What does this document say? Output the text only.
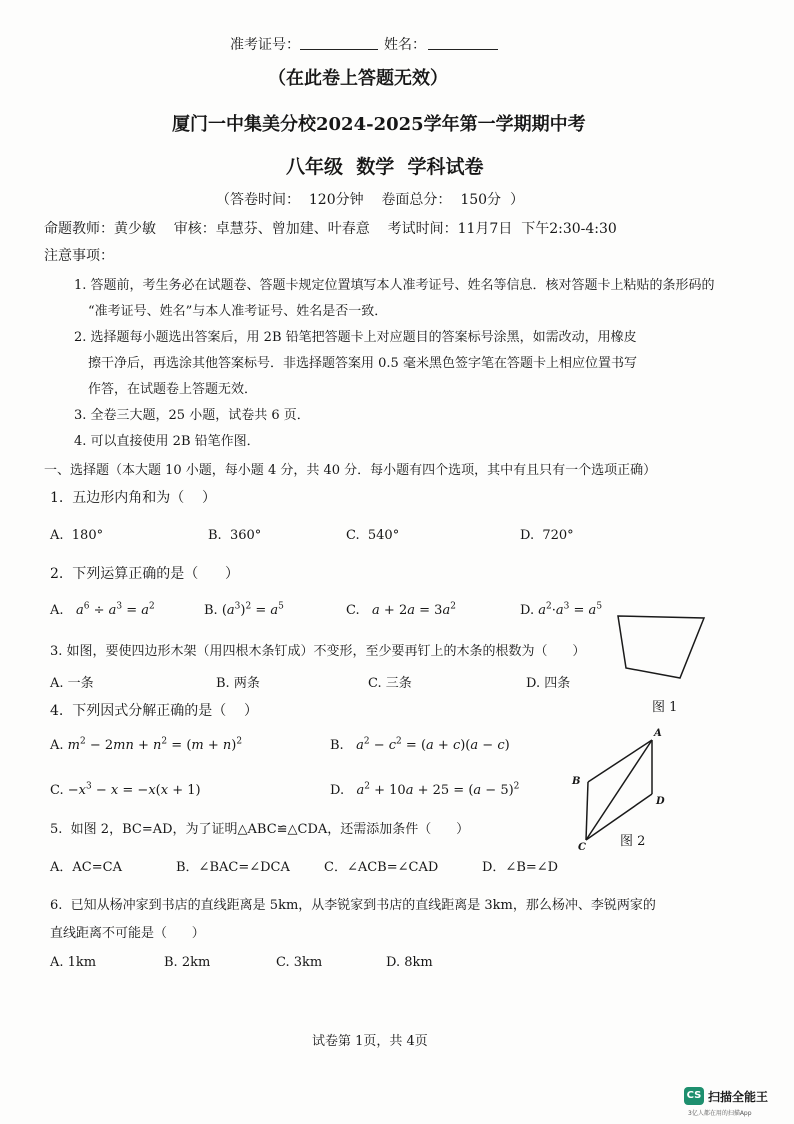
准考证号：	姓名：
（在此卷上答题无效）
厦门一中集美分校2024-2025学年第一学期期中考
八年级  数学  学科试卷
（答卷时间：  120分钟    卷面总分：  150分  ）
命题教师：黄少敏    审核：卓慧芬、曾加建、叶春意    考试时间：11月7日  下午2:30-4:30
注意事项：
1. 答题前，考生务必在试题卷、答题卡规定位置填写本人准考证号、姓名等信息．核对答题卡上粘贴的条形码的
“准考证号、姓名”与本人准考证号、姓名是否一致．
2. 选择题每小题选出答案后，用 2B 铅笔把答题卡上对应题目的答案标号涂黑，如需改动，用橡皮
擦干净后，再选涂其他答案标号．非选择题答案用 0.5 毫米黑色签字笔在答题卡上相应位置书写
作答，在试题卷上答题无效．
3. 全卷三大题，25 小题，试卷共 6 页．
4. 可以直接使用 2B 铅笔作图．
一、选择题（本大题 10 小题，每小题 4 分，共 40 分．每小题有四个选项，其中有且只有一个选项正确）
1.  五边形内角和为（    ）
A.  180°	B.  360°	C.  540°	D.  720°
2.  下列运算正确的是（      ）
A. $a^6 \div a^3 = a^2$	B. $(a^3)^2 = a^5$	C. $a + 2a = 3a^2$	D. $a^2\cdot a^3 = a^5$
图 1
3. 如图，要使四边形木架（用四根木条钉成）不变形，至少要再钉上的木条的根数为（      ）
A. 一条	B. 两条	C. 三条	D. 四条
4.  下列因式分解正确的是（    ）
A. $m^2 - 2mn + n^2 = (m + n)^2$	B. $a^2 - c^2 = (a + c)(a - c)$
C. $-x^3 - x = -x(x + 1)$	D. $a^2 + 10a + 25 = (a - 5)^2$
A
B
D
C	图 2
5.  如图 2，BC=AD，为了证明△ABC≌△CDA，还需添加条件（      ）
A．AC=CA	B．∠BAC=∠DCA	C．∠ACB=∠CAD	D．∠B=∠D
6.  已知从杨冲家到书店的直线距离是 5km，从李锐家到书店的直线距离是 3km，那么杨冲、李锐两家的
直线距离不可能是（      ）
A. 1km	B. 2km	C. 3km	D. 8km
试卷第 1页，共 4页
CS 扫描全能王
3亿人都在用的扫描App
